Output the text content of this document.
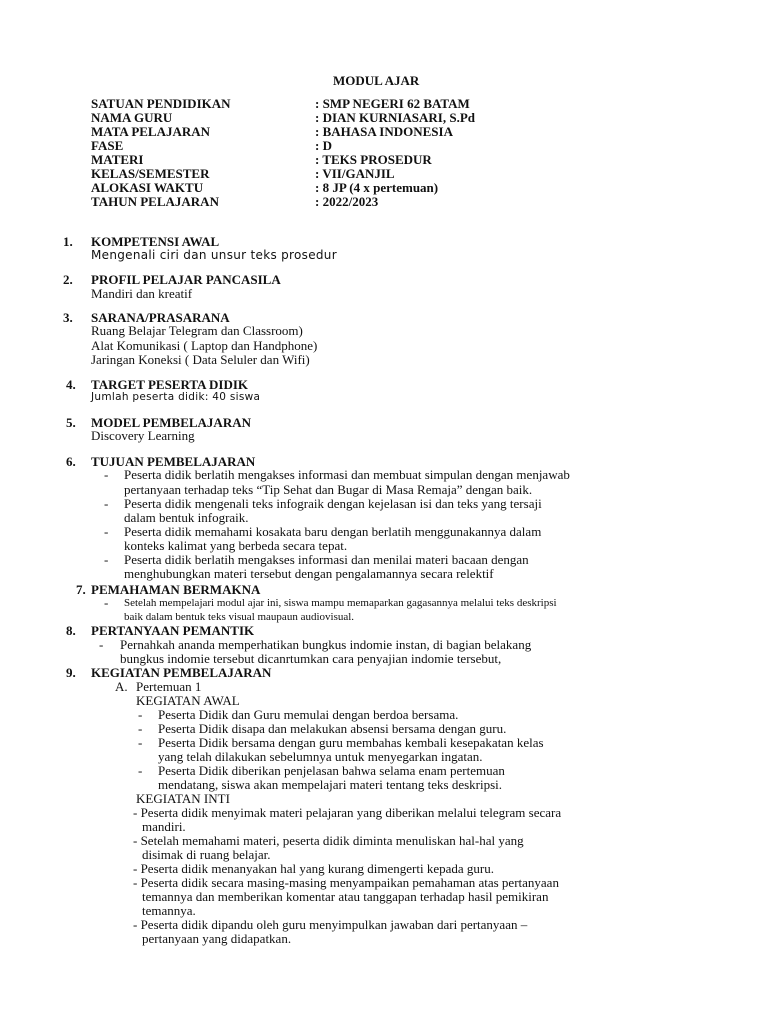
MODUL AJAR
SATUAN PENDIDIKAN	: SMP NEGERI 62 BATAM
NAMA GURU	: DIAN KURNIASARI, S.Pd
MATA PELAJARAN	: BAHASA INDONESIA
FASE	: D
MATERI	: TEKS PROSEDUR
KELAS/SEMESTER	: VII/GANJIL
ALOKASI WAKTU	: 8 JP (4 x pertemuan)
TAHUN PELAJARAN	: 2022/2023
1. KOMPETENSI AWAL
Mengenali ciri dan unsur teks prosedur
2. PROFIL PELAJAR PANCASILA
Mandiri dan kreatif
3. SARANA/PRASARANA
Ruang Belajar Telegram dan Classroom)
Alat Komunikasi ( Laptop dan Handphone)
Jaringan Koneksi ( Data Seluler dan Wifi)
4. TARGET PESERTA DIDIK
Jumlah peserta didik: 40 siswa
5. MODEL PEMBELAJARAN
Discovery Learning
6. TUJUAN PEMBELAJARAN
- Peserta didik berlatih mengakses informasi dan membuat simpulan dengan menjawab
pertanyaan terhadap teks “Tip Sehat dan Bugar di Masa Remaja” dengan baik.
- Peserta didik mengenali teks infograik dengan kejelasan isi dan teks yang tersaji
dalam bentuk infograik.
- Peserta didik memahami kosakata baru dengan berlatih menggunakannya dalam
konteks kalimat yang berbeda secara tepat.
- Peserta didik berlatih mengakses informasi dan menilai materi bacaan dengan
menghubungkan materi tersebut dengan pengalamannya secara relektif
7. PEMAHAMAN BERMAKNA
- Setelah mempelajari modul ajar ini, siswa mampu memaparkan gagasannya melalui teks deskripsi
baik dalam bentuk teks visual maupaun audiovisual.
8. PERTANYAAN PEMANTIK
- Pernahkah ananda memperhatikan bungkus indomie instan, di bagian belakang
bungkus indomie tersebut dicanrtumkan cara penyajian indomie tersebut,
9. KEGIATAN PEMBELAJARAN
A. Pertemuan 1
KEGIATAN AWAL
- Peserta Didik dan Guru memulai dengan berdoa bersama.
- Peserta Didik disapa dan melakukan absensi bersama dengan guru.
- Peserta Didik bersama dengan guru membahas kembali kesepakatan kelas
yang telah dilakukan sebelumnya untuk menyegarkan ingatan.
- Peserta Didik diberikan penjelasan bahwa selama enam pertemuan
mendatang, siswa akan mempelajari materi tentang teks deskripsi.
KEGIATAN INTI
- Peserta didik menyimak materi pelajaran yang diberikan melalui telegram secara
mandiri.
- Setelah memahami materi, peserta didik diminta menuliskan hal-hal yang
disimak di ruang belajar.
- Peserta didik menanyakan hal yang kurang dimengerti kepada guru.
- Peserta didik secara masing-masing menyampaikan pemahaman atas pertanyaan
temannya dan memberikan komentar atau tanggapan terhadap hasil pemikiran
temannya.
- Peserta didik dipandu oleh guru menyimpulkan jawaban dari pertanyaan –
pertanyaan yang didapatkan.
